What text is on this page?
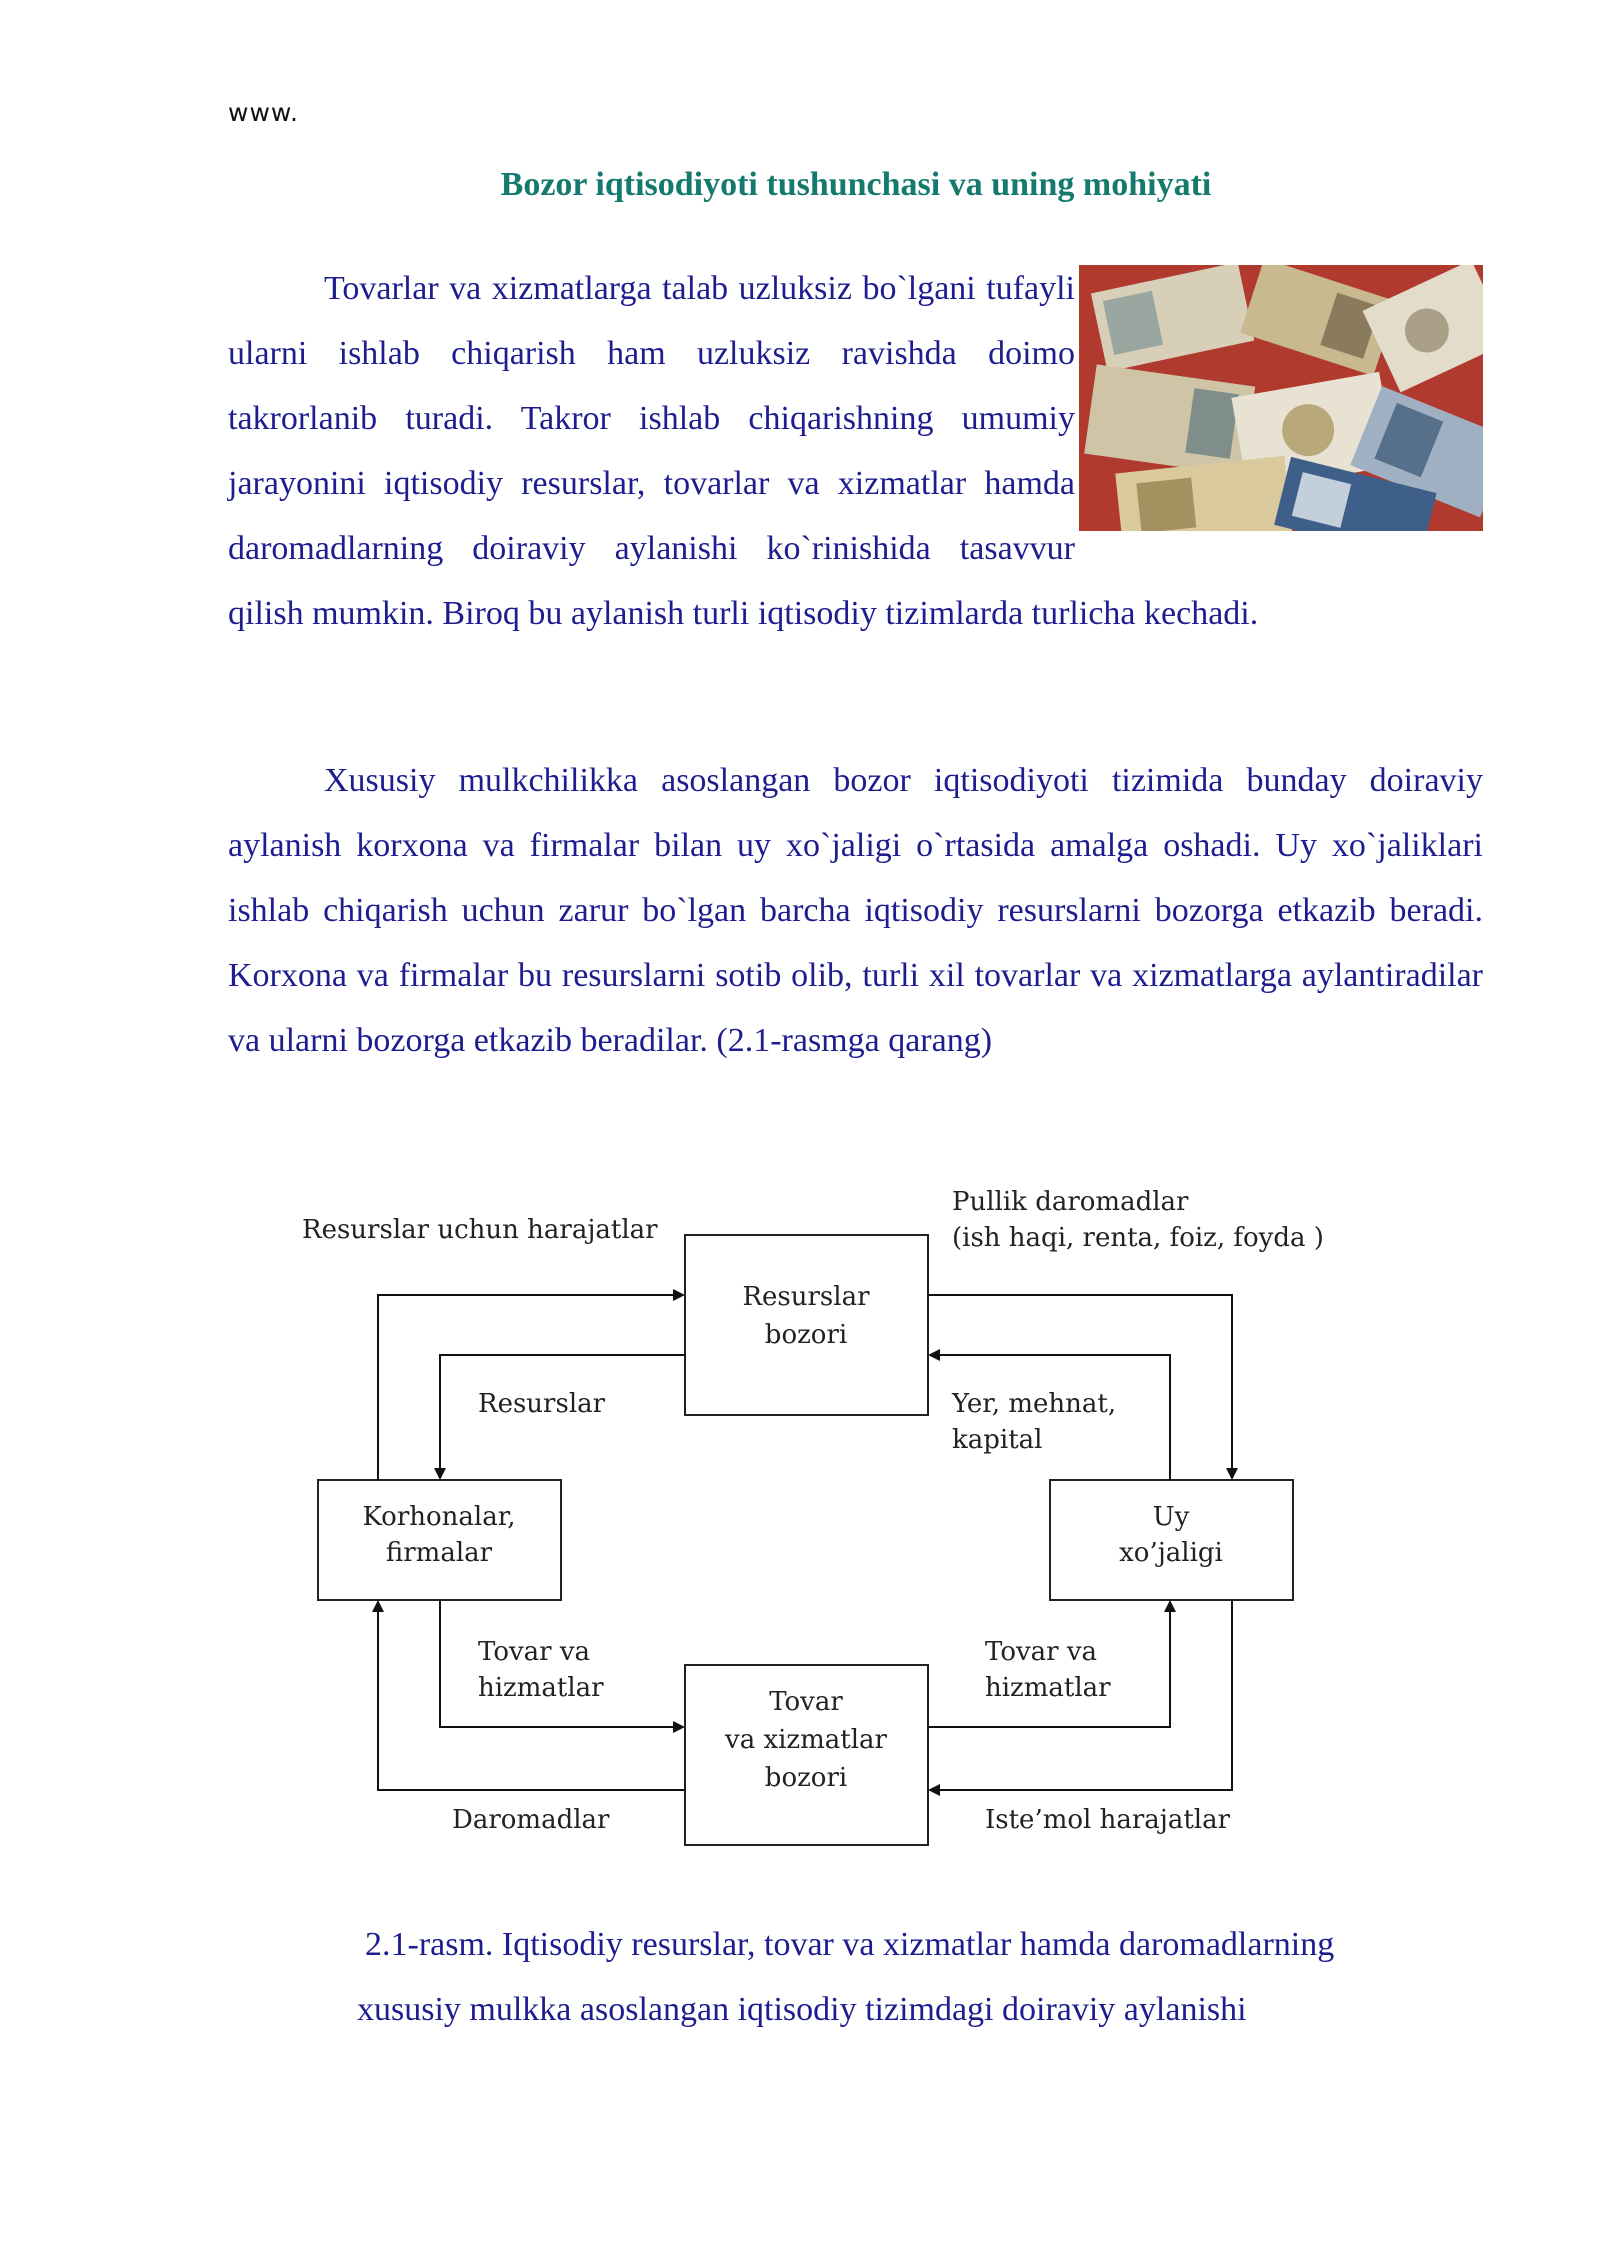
www.
Bozor iqtisodiyoti tushunchasi va uning mohiyati
Tovarlar va xizmatlarga talab uzluksiz bo`lgani tufayli ularni ishlab chiqarish ham uzluksiz ravishda doimo takrorlanib turadi. Takror ishlab chiqarishning umumiy jarayonini iqtisodiy resurslar, tovarlar va xizmatlar hamda daromadlarning doiraviy aylanishi ko`rinishida tasavvur qilish mumkin. Biroq bu aylanish turli iqtisodiy tizimlarda turlicha kechadi.
Xususiy mulkchilikka asoslangan bozor iqtisodiyoti tizimida bunday doiraviy aylanish korxona va firmalar bilan uy xo`jaligi o`rtasida amalga oshadi. Uy xo`jaliklari ishlab chiqarish uchun zarur bo`lgan barcha iqtisodiy resurslarni bozorga etkazib beradi. Korxona va firmalar bu resurslarni sotib olib, turli xil tovarlar va xizmatlarga aylantiradilar va ularni bozorga etkazib beradilar. (2.1-rasmga qarang)
Resurslar
bozori
Korhonalar,
firmalar
Uy
xo’jaligi
Tovar
va xizmatlar
bozori
Resurslar uchun harajatlar
Pullik daromadlar
(ish haqi, renta, foiz, foyda )
Resurslar	Yer, mehnat,
kapital
Tovar va
hizmatlar
Tovar va
hizmatlar
Daromadlar	Iste’mol harajatlar
2.1-rasm. Iqtisodiy resurslar, tovar va xizmatlar hamda daromadlarning
xususiy mulkka asoslangan iqtisodiy tizimdagi doiraviy aylanishi
